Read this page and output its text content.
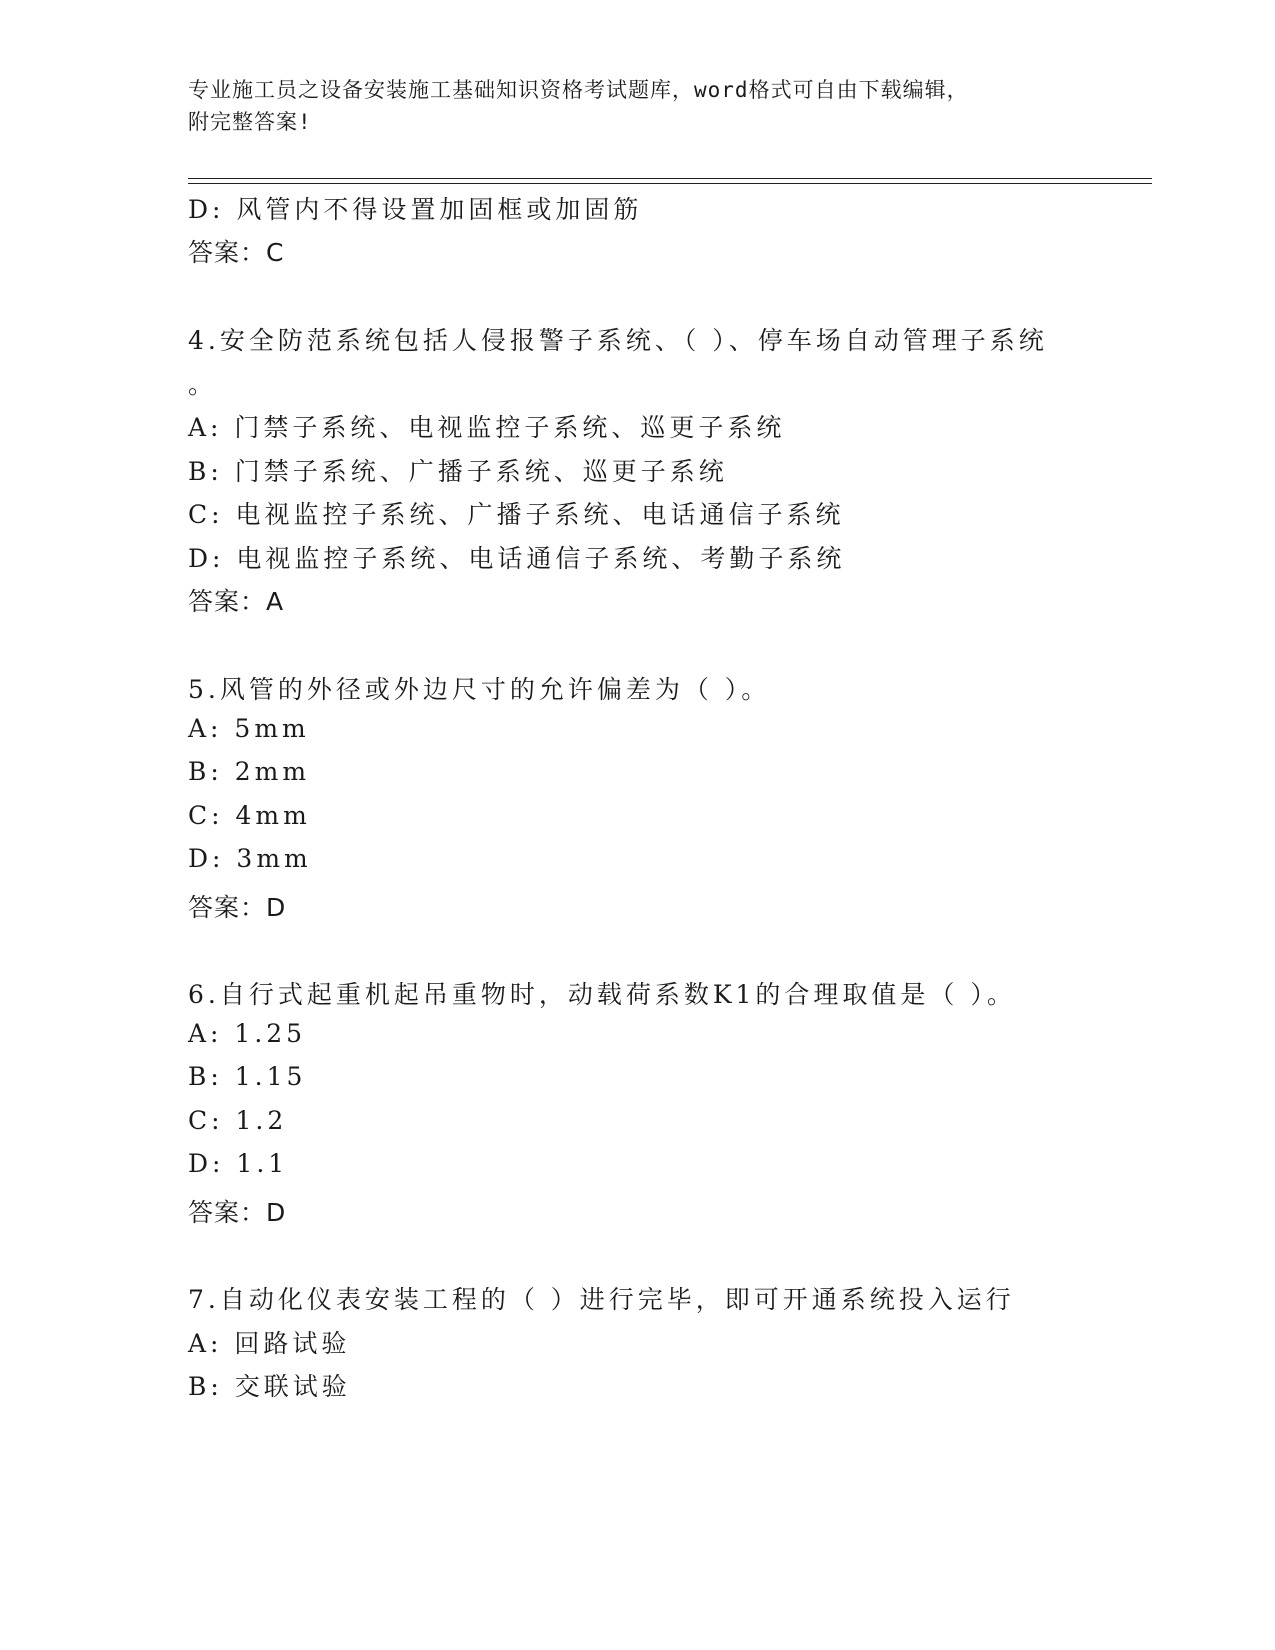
专业施工员之设备安装施工基础知识资格考试题库，word格式可自由下载编辑，
附完整答案!
D: 风管内不得设置加固框或加固筋
答案：C
4.安全防范系统包括人侵报警子系统、（ ）、停车场自动管理子系统
。
A: 门禁子系统、电视监控子系统、巡更子系统
B: 门禁子系统、广播子系统、巡更子系统
C: 电视监控子系统、广播子系统、电话通信子系统
D: 电视监控子系统、电话通信子系统、考勤子系统
答案：A
5.风管的外径或外边尺寸的允许偏差为（ ）。
A: 5mm
B: 2mm
C: 4mm
D: 3mm
答案：D
6.自行式起重机起吊重物时，动载荷系数K1的合理取值是（ ）。
A: 1.25
B: 1.15
C: 1.2
D: 1.1
答案：D
7.自动化仪表安装工程的（ ）进行完毕，即可开通系统投入运行
A: 回路试验
B: 交联试验
